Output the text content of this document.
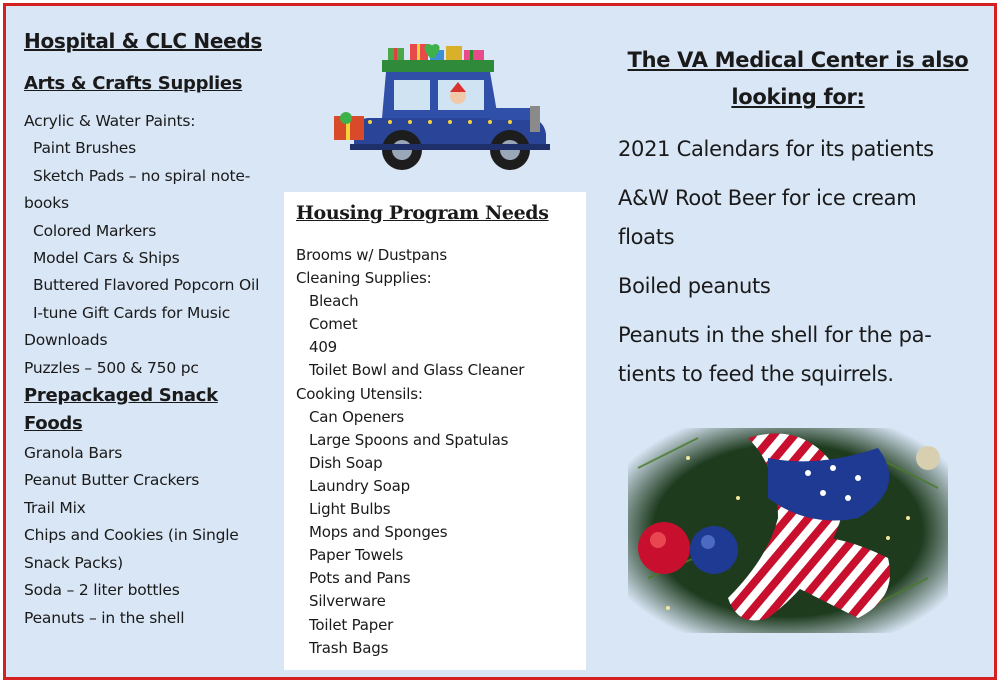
Hospital & CLC Needs
Arts & Crafts Supplies
Acrylic & Water Paints:
Paint Brushes
Sketch Pads – no spiral note-
books
Colored Markers
Model Cars & Ships
Buttered Flavored Popcorn Oil
I-tune Gift Cards for Music
Downloads
Puzzles – 500 & 750 pc
Prepackaged Snack Foods
Granola Bars
Peanut Butter Crackers
Trail Mix
Chips and Cookies (in Single
Snack Packs)
Soda – 2 liter bottles
Peanuts – in the shell
Housing Program Needs
Brooms w/ Dustpans
Cleaning Supplies:
Bleach
Comet
409
Toilet Bowl and Glass Cleaner
Cooking Utensils:
Can Openers
Large Spoons and Spatulas
Dish Soap
Laundry Soap
Light Bulbs
Mops and Sponges
Paper Towels
Pots and Pans
Silverware
Toilet Paper
Trash Bags
The VA Medical Center is also
looking for:
2021 Calendars for its patients
A&W Root Beer for ice cream floats
Boiled peanuts
Peanuts in the shell for the pa-tients to feed the squirrels.
